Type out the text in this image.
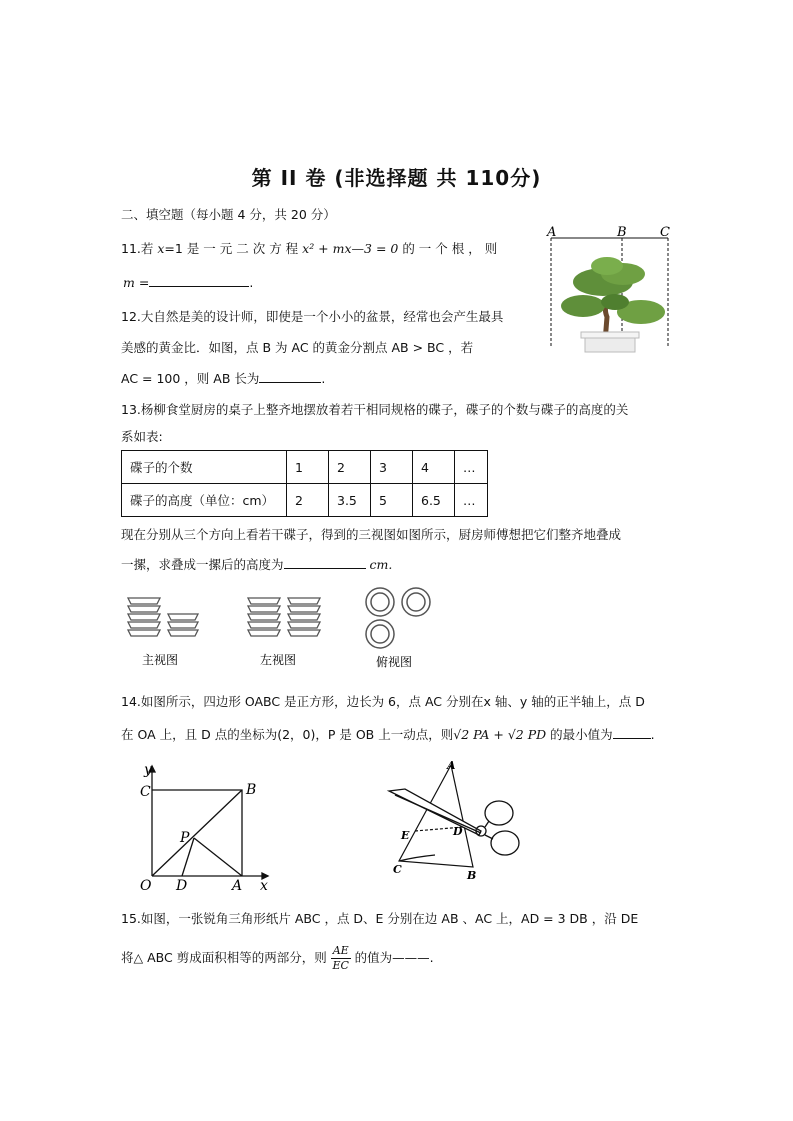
第 II 卷 (非选择题 共 110分)
二、填空题（每小题 4 分，共 20 分）
11.若 x=1 是 一 元 二 次 方 程 x² + mx—3 = 0 的 一 个 根 ， 则
m =	.
A	B	C
12.大自然是美的设计师，即使是一个小小的盆景，经常也会产生最具
美感的黄金比．如图，点 B 为 AC 的黄金分割点 AB > BC ，若
AC = 100 ，则 AB 长为	.
13.杨柳食堂厨房的桌子上整齐地摆放着若干相同规格的碟子，碟子的个数与碟子的高度的关
系如表:
碟子的个数	1	2	3	4	…
碟子的高度（单位：cm）	2	3.5	5	6.5	…
现在分别从三个方向上看若干碟子，得到的三视图如图所示，厨房师傅想把它们整齐地叠成
一摞，求叠成一摞后的高度为	cm.
主视图	左视图	俯视图
14.如图所示，四边形 OABC 是正方形，边长为 6，点 AC 分别在x 轴、y 轴的正半轴上，点 D
在 OA 上，且 D 点的坐标为(2，0)，P 是 OB 上一动点，则√2 PA + √2 PD 的最小值为	.
y
C	B
P
O D	A x
A
E	D
C	B
15.如图，一张锐角三角形纸片 ABC ，点 D、E 分别在边 AB 、AC 上，AD = 3 DB ，沿 DE
将△ ABC 剪成面积相等的两部分，则 $\frac{AE}{EC}$ 的值为———.
